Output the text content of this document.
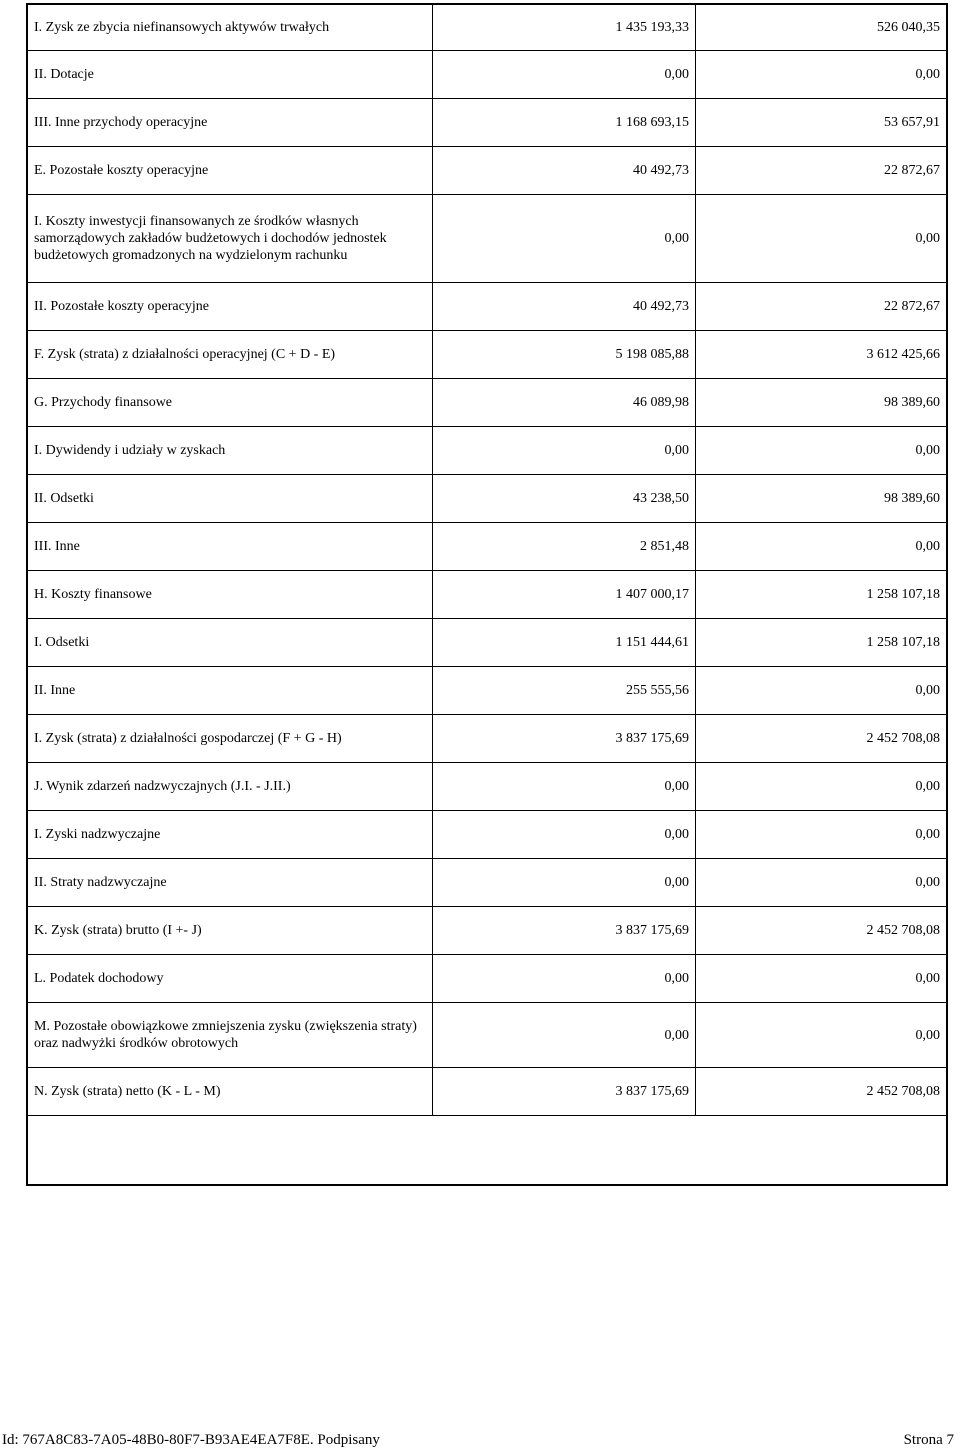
I. Zysk ze zbycia niefinansowych aktywów trwałych	1 435 193,33	526 040,35
II. Dotacje	0,00	0,00
III. Inne przychody operacyjne	1 168 693,15	53 657,91
E. Pozostałe koszty operacyjne	40 492,73	22 872,67
I. Koszty inwestycji finansowanych ze środków własnych samorządowych zakładów budżetowych i dochodów jednostek budżetowych gromadzonych na wydzielonym rachunku	0,00	0,00
II. Pozostałe koszty operacyjne	40 492,73	22 872,67
F. Zysk (strata) z działalności operacyjnej (C + D - E)	5 198 085,88	3 612 425,66
G. Przychody finansowe	46 089,98	98 389,60
I. Dywidendy i udziały w zyskach	0,00	0,00
II. Odsetki	43 238,50	98 389,60
III. Inne	2 851,48	0,00
H. Koszty finansowe	1 407 000,17	1 258 107,18
I. Odsetki	1 151 444,61	1 258 107,18
II. Inne	255 555,56	0,00
I. Zysk (strata) z działalności gospodarczej (F + G - H)	3 837 175,69	2 452 708,08
J. Wynik zdarzeń nadzwyczajnych (J.I. - J.II.)	0,00	0,00
I. Zyski nadzwyczajne	0,00	0,00
II. Straty nadzwyczajne	0,00	0,00
K. Zysk (strata) brutto (I +- J)	3 837 175,69	2 452 708,08
L. Podatek dochodowy	0,00	0,00
M. Pozostałe obowiązkowe zmniejszenia zysku (zwiększenia straty) oraz nadwyżki środków obrotowych	0,00	0,00
N. Zysk (strata) netto (K - L - M)	3 837 175,69	2 452 708,08

Id: 767A8C83-7A05-48B0-80F7-B93AE4EA7F8E. Podpisany	Strona 7
